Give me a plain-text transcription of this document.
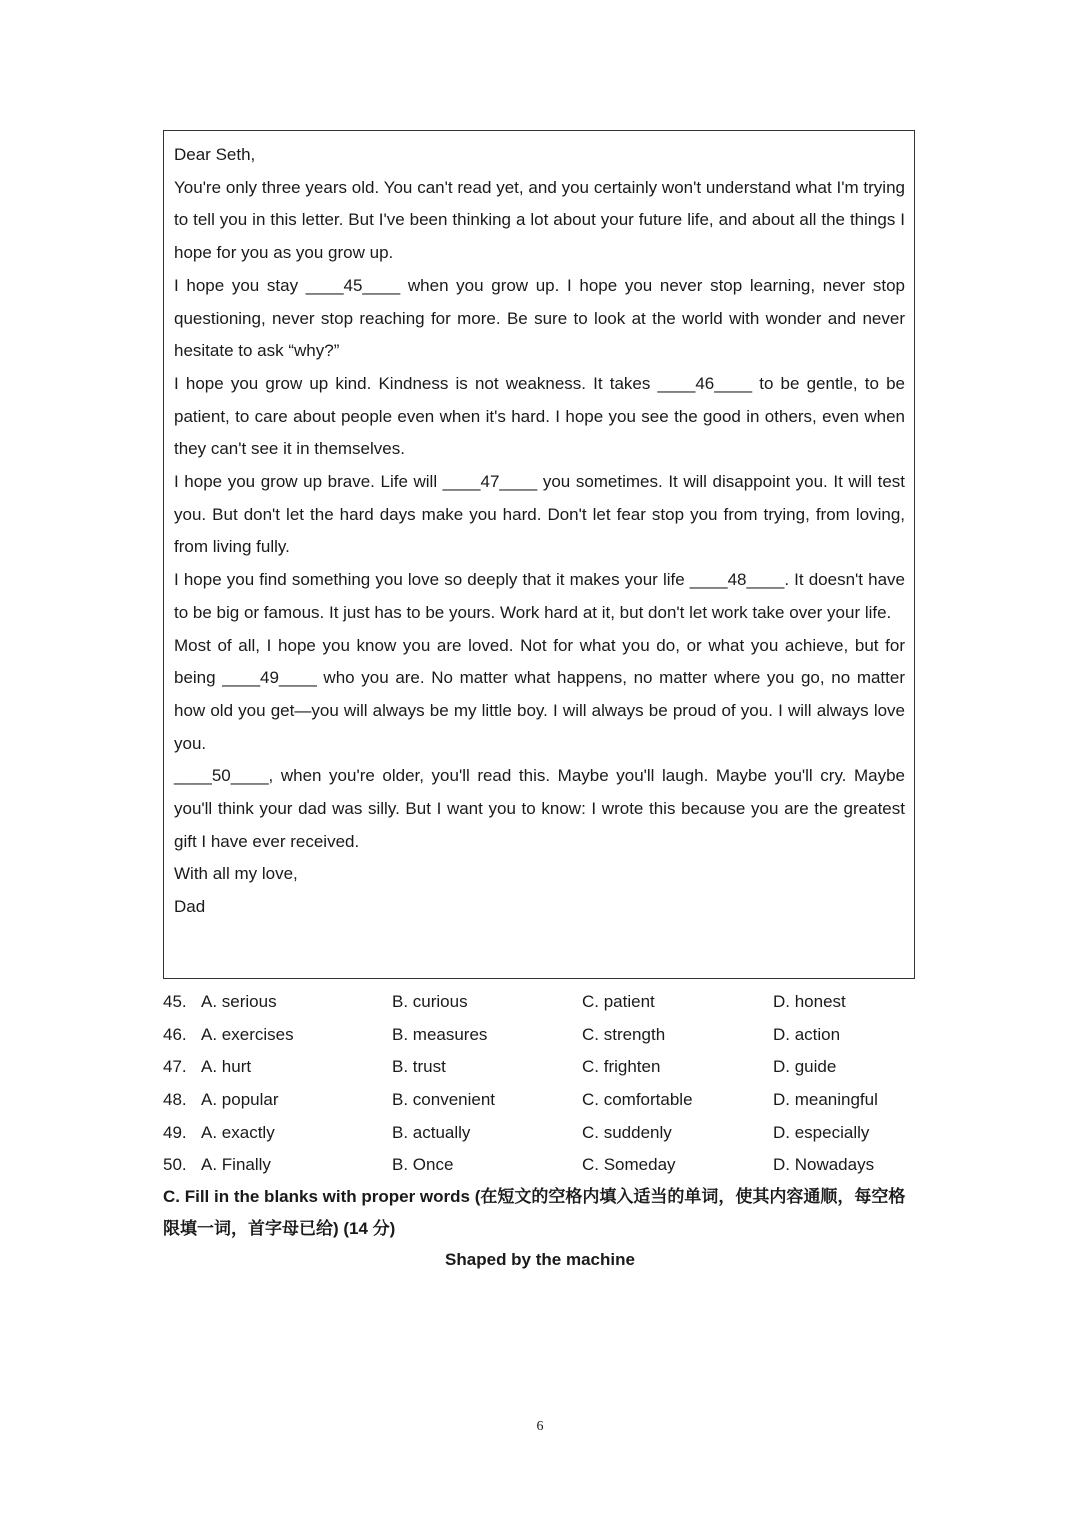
Dear Seth,

You're only three years old. You can't read yet, and you certainly won't understand what I'm trying to tell you in this letter. But I've been thinking a lot about your future life, and about all the things I hope for you as you grow up.

I hope you stay ____45____ when you grow up. I hope you never stop learning, never stop questioning, never stop reaching for more. Be sure to look at the world with wonder and never hesitate to ask “why?”

I hope you grow up kind. Kindness is not weakness. It takes ____46____ to be gentle, to be patient, to care about people even when it's hard. I hope you see the good in others, even when they can't see it in themselves.

I hope you grow up brave. Life will ____47____ you sometimes. It will disappoint you. It will test you. But don't let the hard days make you hard. Don't let fear stop you from trying, from loving, from living fully.

I hope you find something you love so deeply that it makes your life ____48____. It doesn't have to be big or famous. It just has to be yours. Work hard at it, but don't let work take over your life.

Most of all, I hope you know you are loved. Not for what you do, or what you achieve, but for being ____49____ who you are. No matter what happens, no matter where you go, no matter how old you get—you will always be my little boy. I will always be proud of you. I will always love you.

____50____, when you're older, you'll read this. Maybe you'll laugh. Maybe you'll cry. Maybe you'll think your dad was silly. But I want you to know: I wrote this because you are the greatest gift I have ever received.

With all my love,

Dad

45. A. serious	B. curious	C. patient	D. honest
46. A. exercises	B. measures	C. strength	D. action
47. A. hurt	B. trust	C. frighten	D. guide
48. A. popular	B. convenient	C. comfortable	D. meaningful
49. A. exactly	B. actually	C. suddenly	D. especially
50. A. Finally	B. Once	C. Someday	D. Nowadays

C. Fill in the blanks with proper words (在短文的空格内填入适当的单词，使其内容通顺，每空格限填一词，首字母已给) (14 分)

Shaped by the machine
6
